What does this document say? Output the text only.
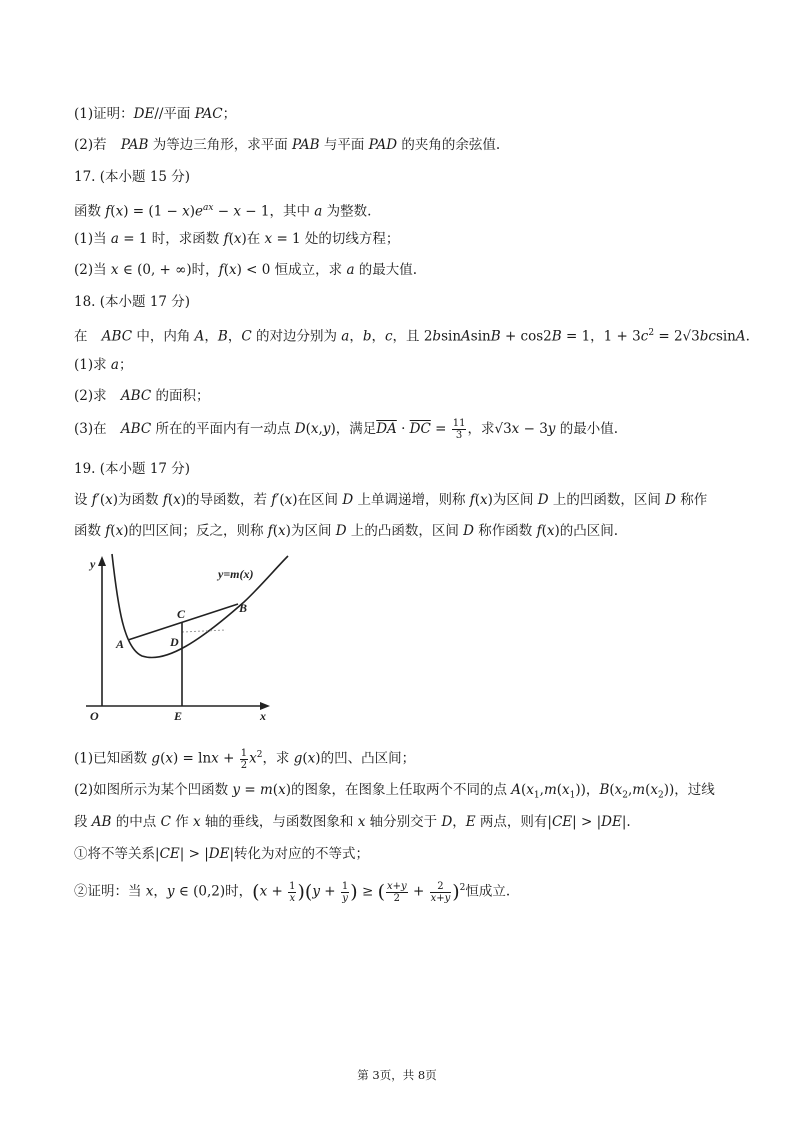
(1)证明：DE//平面 PAC；
(2)若 PAB 为等边三角形，求平面 PAB 与平面 PAD 的夹角的余弦值.
17. (本小题 15 分)
函数 $f(x) = (1 - x)e^{ax} - x - 1$，其中 a 为整数.
(1)当 a = 1 时，求函数 f(x)在 x = 1 处的切线方程；
(2)当 x ∈ (0, + ∞)时，f(x) < 0 恒成立，求 a 的最大值.
18. (本小题 17 分)
在 ABC 中，内角 A，B，C 的对边分别为 a，b，c，且 2bsinAsinB + cos2B = 1，$1 + 3c^2 = 2√3bcsinA$.
(1)求 a；
(2)求 ABC 的面积；
(3)在 ABC 所在的平面内有一动点 D(x,y)，满足$\overline{DA} \cdot \overline{DC} = \frac{11}{3}$ ，求√3x − 3y 的最小值.
19. (本小题 17 分)
设 f′(x)为函数 f(x)的导函数，若 f′(x)在区间 D 上单调递增，则称 f(x)为区间 D 上的凹函数，区间 D 称作
函数 f(x)的凹区间；反之，则称 f(x)为区间 D 上的凸函数，区间 D 称作函数 f(x)的凸区间.
y
x
O
y=m(x)
A
B
C
D
E
(1)已知函数 $g(x) = \ln x + \frac{1}{2} x^2$，求 g(x)的凹、凸区间；
(2)如图所示为某个凹函数 y = m(x)的图象，在图象上任取两个不同的点 $A(x_1,m(x_1))$，$B(x_2,m(x_2))$，过线
段 AB 的中点 C 作 x 轴的垂线，与函数图象和 x 轴分别交于 D，E 两点，则有|CE| > |DE|.
①将不等关系|CE| > |DE|转化为对应的不等式；
②证明：当 x，y ∈ (0,2)时，$(x + \frac{1}{x} )(y + \frac{1}{y}$ ) ≥ ( $\frac{x+y}{2} + \frac{2}{x+y} )^2$恒成立.
第 3页，共 8页
